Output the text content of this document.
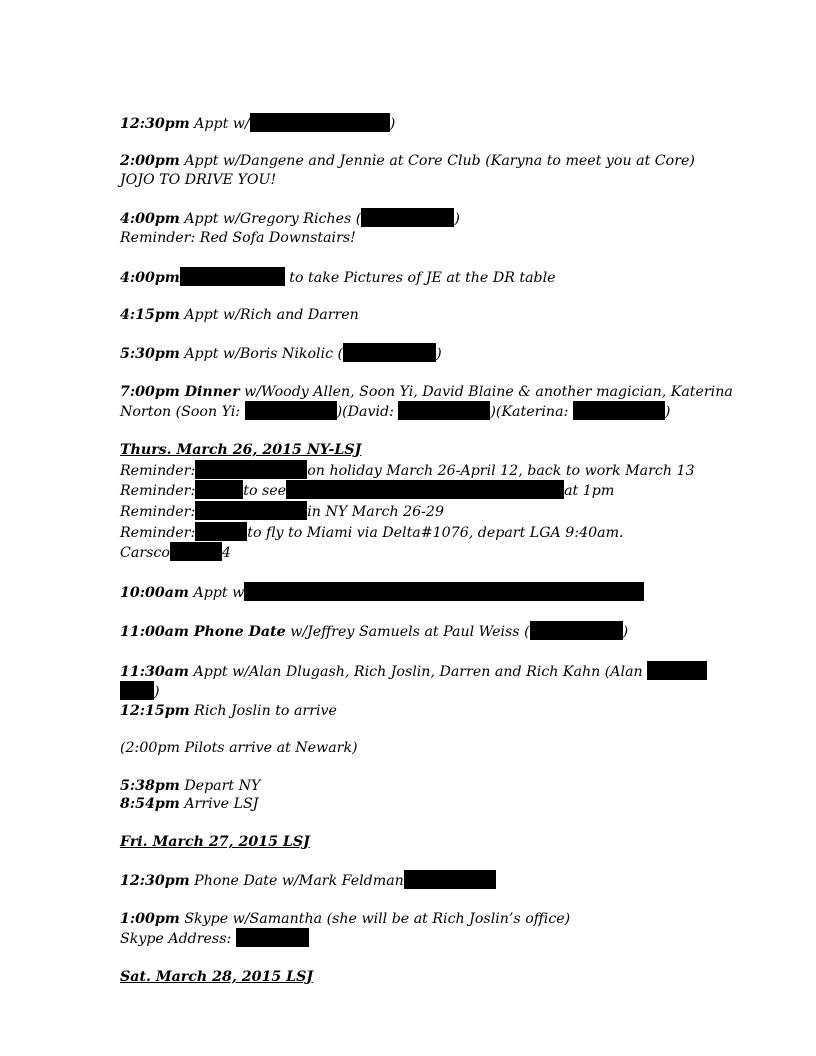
12:30pm Appt w/	)
2:00pm Appt w/Dangene and Jennie at Core Club (Karyna to meet you at Core)
JOJO TO DRIVE YOU!
4:00pm Appt w/Gregory Riches (	)
Reminder: Red Sofa Downstairs!
4:00pm	to take Pictures of JE at the DR table
4:15pm Appt w/Rich and Darren
5:30pm Appt w/Boris Nikolic (	)
7:00pm Dinner w/Woody Allen, Soon Yi, David Blaine & another magician, Katerina
Norton (Soon Yi:	)(David:	)(Katerina:	)
Thurs. March 26, 2015 NY-LSJ
Reminder:	on holiday March 26-April 12, back to work March 13
Reminder:	to see	at 1pm
Reminder:	in NY March 26-29
Reminder:	to fly to Miami via Delta#1076, depart LGA 9:40am.
Carsco	4
10:00am Appt w
11:00am Phone Date w/Jeffrey Samuels at Paul Weiss (	)
11:30am Appt w/Alan Dlugash, Rich Joslin, Darren and Rich Kahn (Alan
)
12:15pm Rich Joslin to arrive
(2:00pm Pilots arrive at Newark)
5:38pm Depart NY
8:54pm Arrive LSJ
Fri. March 27, 2015 LSJ
12:30pm Phone Date w/Mark Feldman
1:00pm Skype w/Samantha (she will be at Rich Joslin’s office)
Skype Address:
Sat. March 28, 2015 LSJ
